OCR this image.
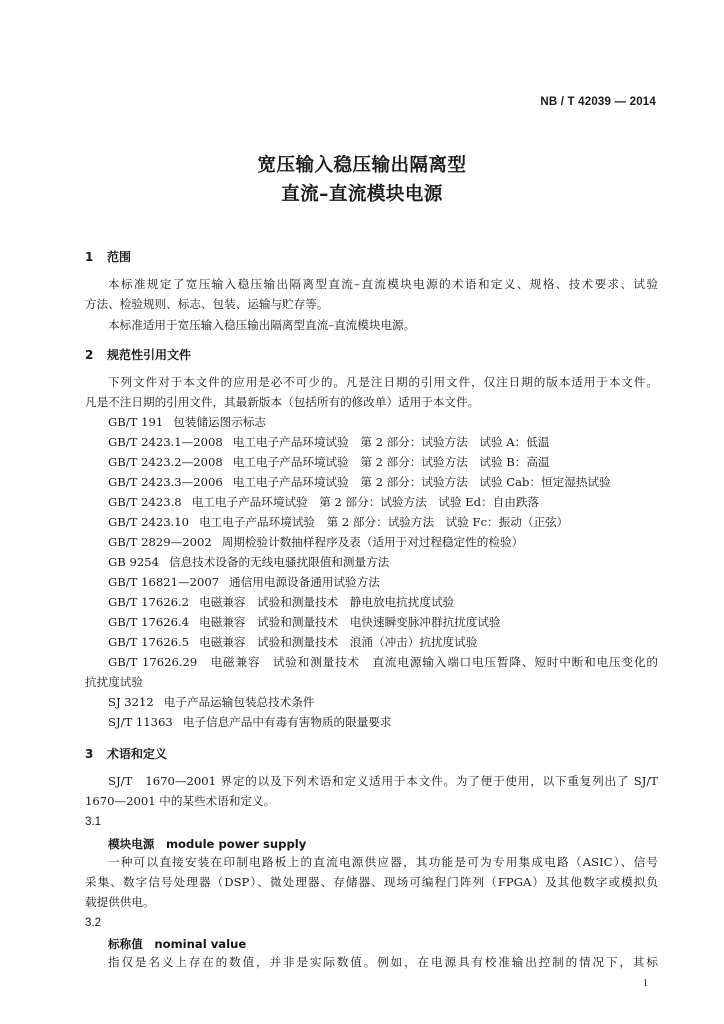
NB / T 42039 — 2014
宽压输入稳压输出隔离型
直流–直流模块电源
1 范围
本标准规定了宽压输入稳压输出隔离型直流–直流模块电源的术语和定义、规格、技术要求、试验
方法、检验规则、标志、包装、运输与贮存等。
本标准适用于宽压输入稳压输出隔离型直流–直流模块电源。
2 规范性引用文件
下列文件对于本文件的应用是必不可少的。凡是注日期的引用文件，仅注日期的版本适用于本文件。
凡是不注日期的引用文件，其最新版本（包括所有的修改单）适用于本文件。
GB/T 191 包装储运图示标志
GB/T 2423.1—2008 电工电子产品环境试验　第 2 部分：试验方法　试验 A：低温
GB/T 2423.2—2008 电工电子产品环境试验　第 2 部分：试验方法　试验 B：高温
GB/T 2423.3—2006 电工电子产品环境试验　第 2 部分：试验方法　试验 Cab：恒定湿热试验
GB/T 2423.8 电工电子产品环境试验　第 2 部分：试验方法　试验 Ed：自由跌落
GB/T 2423.10 电工电子产品环境试验　第 2 部分：试验方法　试验 Fc：振动（正弦）
GB/T 2829—2002 周期检验计数抽样程序及表（适用于对过程稳定性的检验）
GB 9254 信息技术设备的无线电骚扰限值和测量方法
GB/T 16821—2007 通信用电源设备通用试验方法
GB/T 17626.2 电磁兼容　试验和测量技术　静电放电抗扰度试验
GB/T 17626.4 电磁兼容　试验和测量技术　电快速瞬变脉冲群抗扰度试验
GB/T 17626.5 电磁兼容　试验和测量技术　浪涌（冲击）抗扰度试验
GB/T 17626.29　电磁兼容　试验和测量技术　直流电源输入端口电压暂降、短时中断和电压变化的
抗扰度试验
SJ 3212 电子产品运输包装总技术条件
SJ/T 11363 电子信息产品中有毒有害物质的限量要求
3 术语和定义
SJ/T　1670—2001 界定的以及下列术语和定义适用于本文件。为了便于使用，以下重复列出了 SJ/T
1670—2001 中的某些术语和定义。
3.1
模块电源　module power supply
一种可以直接安装在印制电路板上的直流电源供应器，其功能是可为专用集成电路（ASIC）、信号
采集、数字信号处理器（DSP）、微处理器、存储器、现场可编程门阵列（FPGA）及其他数字或模拟负
载提供供电。
3.2
标称值　nominal value
指仅是名义上存在的数值，并非是实际数值。例如，在电源具有校准输出控制的情况下，其标
1
